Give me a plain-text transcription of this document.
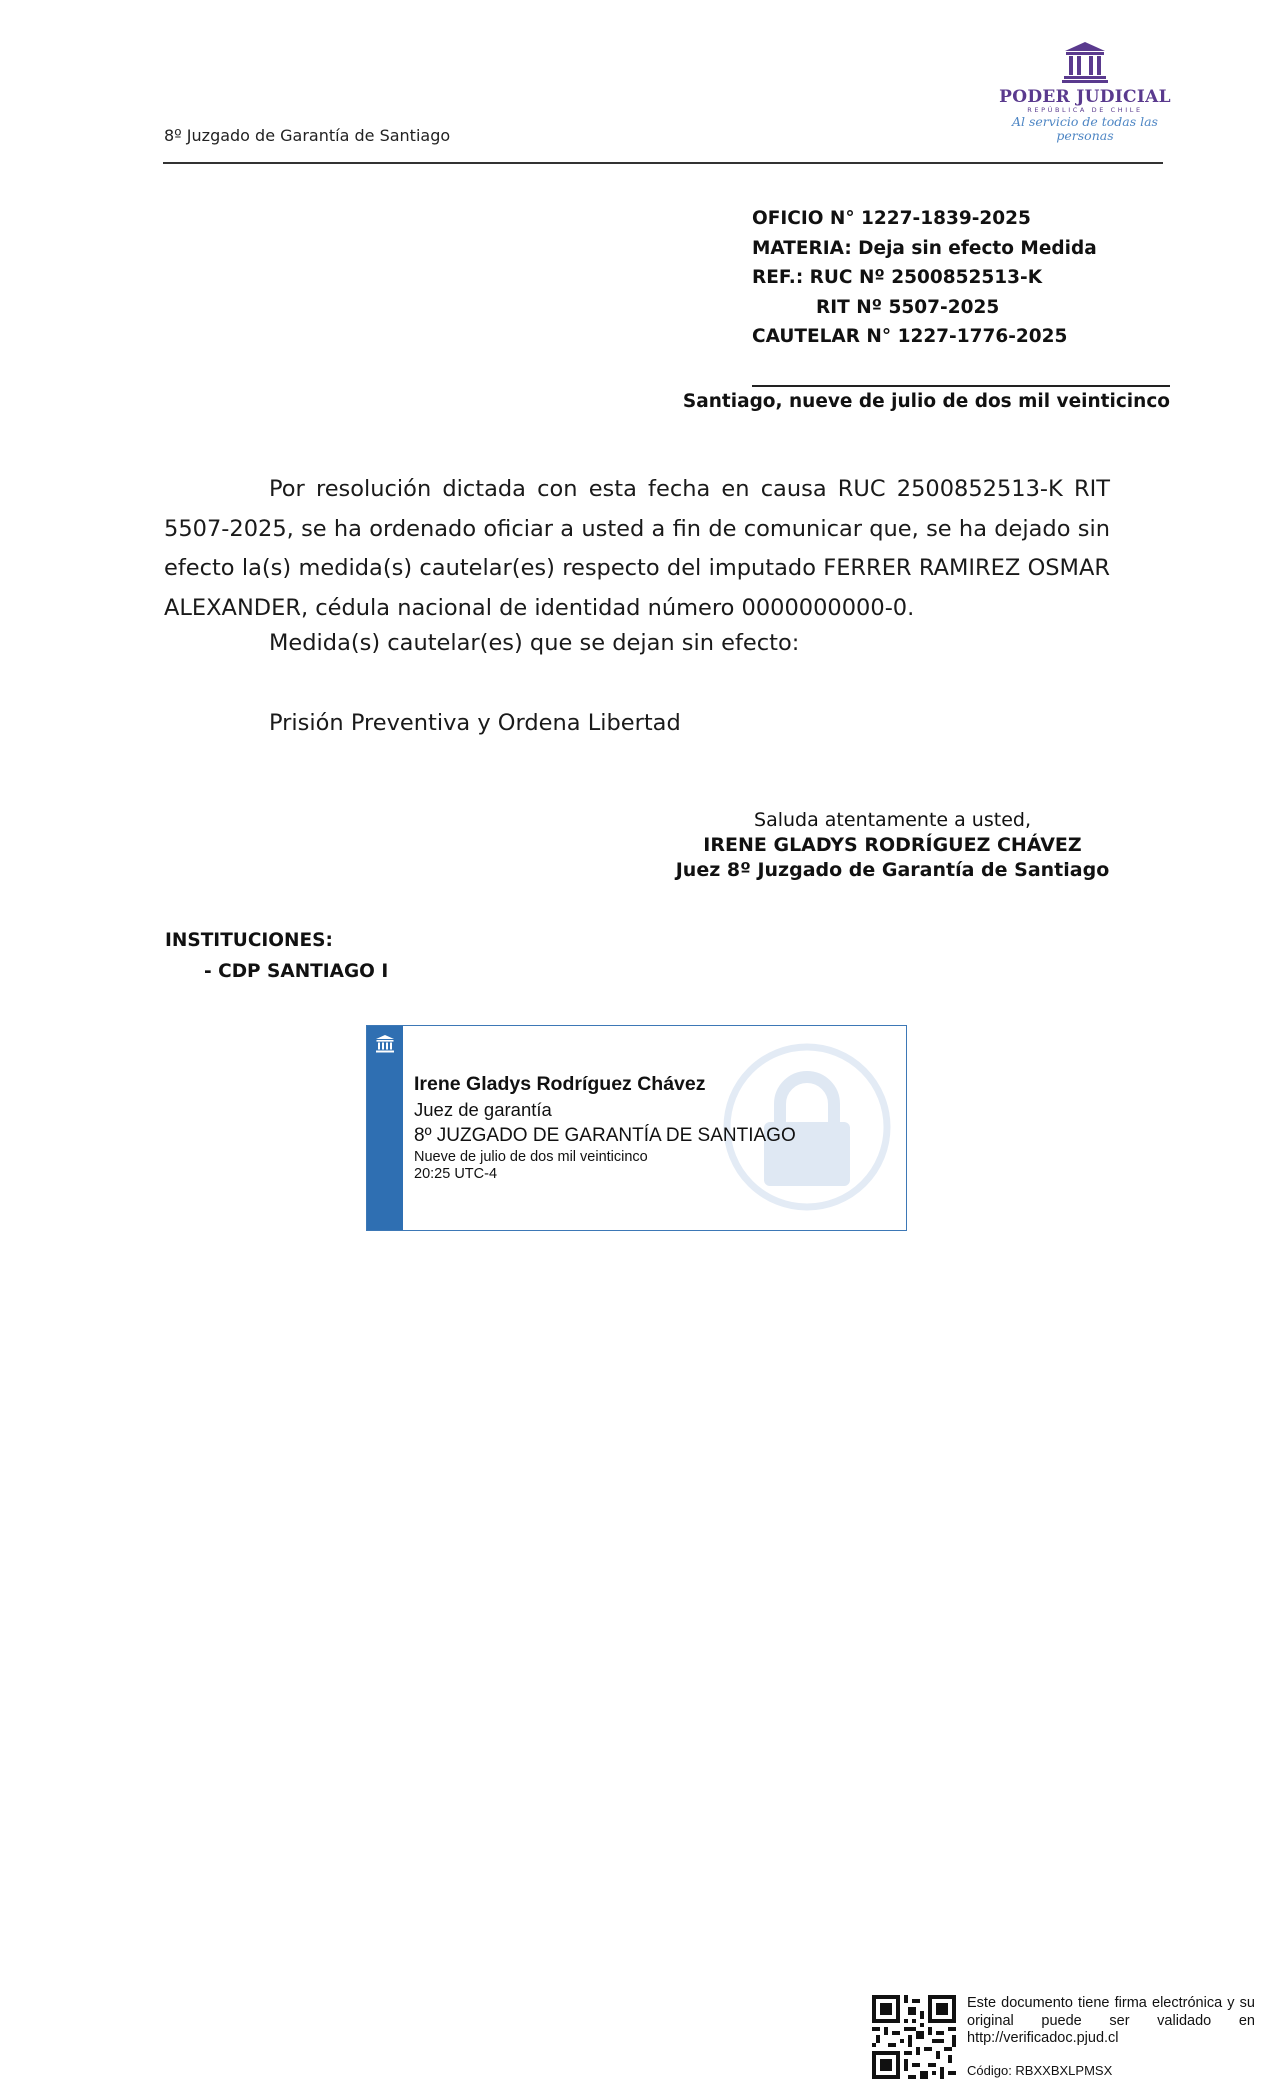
8º Juzgado de Garantía de Santiago
PODER JUDICIAL
REPÚBLICA DE CHILE
Al servicio de todas las personas
OFICIO N° 1227-1839-2025
MATERIA: Deja sin efecto Medida
REF.: RUC Nº 2500852513-K
RIT Nº 5507-2025
CAUTELAR N° 1227-1776-2025
Santiago, nueve de julio de dos mil veinticinco
Por resolución dictada con esta fecha en causa RUC 2500852513-K RIT 5507-2025, se ha ordenado oficiar a usted a fin de comunicar que, se ha dejado sin efecto la(s) medida(s) cautelar(es) respecto del imputado FERRER RAMIREZ OSMAR ALEXANDER, cédula nacional de identidad número 0000000000-0.
Medida(s) cautelar(es) que se dejan sin efecto:
Prisión Preventiva y Ordena Libertad
Saluda atentamente a usted,
IRENE GLADYS RODRÍGUEZ CHÁVEZ
Juez 8º Juzgado de Garantía de Santiago
INSTITUCIONES:
- CDP SANTIAGO I
Irene Gladys Rodríguez Chávez
Juez de garantía
8º JUZGADO DE GARANTÍA DE SANTIAGO
Nueve de julio de dos mil veinticinco
20:25 UTC-4
Este documento tiene firma electrónica y su original puede ser validado en http://verificadoc.pjud.cl
Código: RBXXBXLPMSX
